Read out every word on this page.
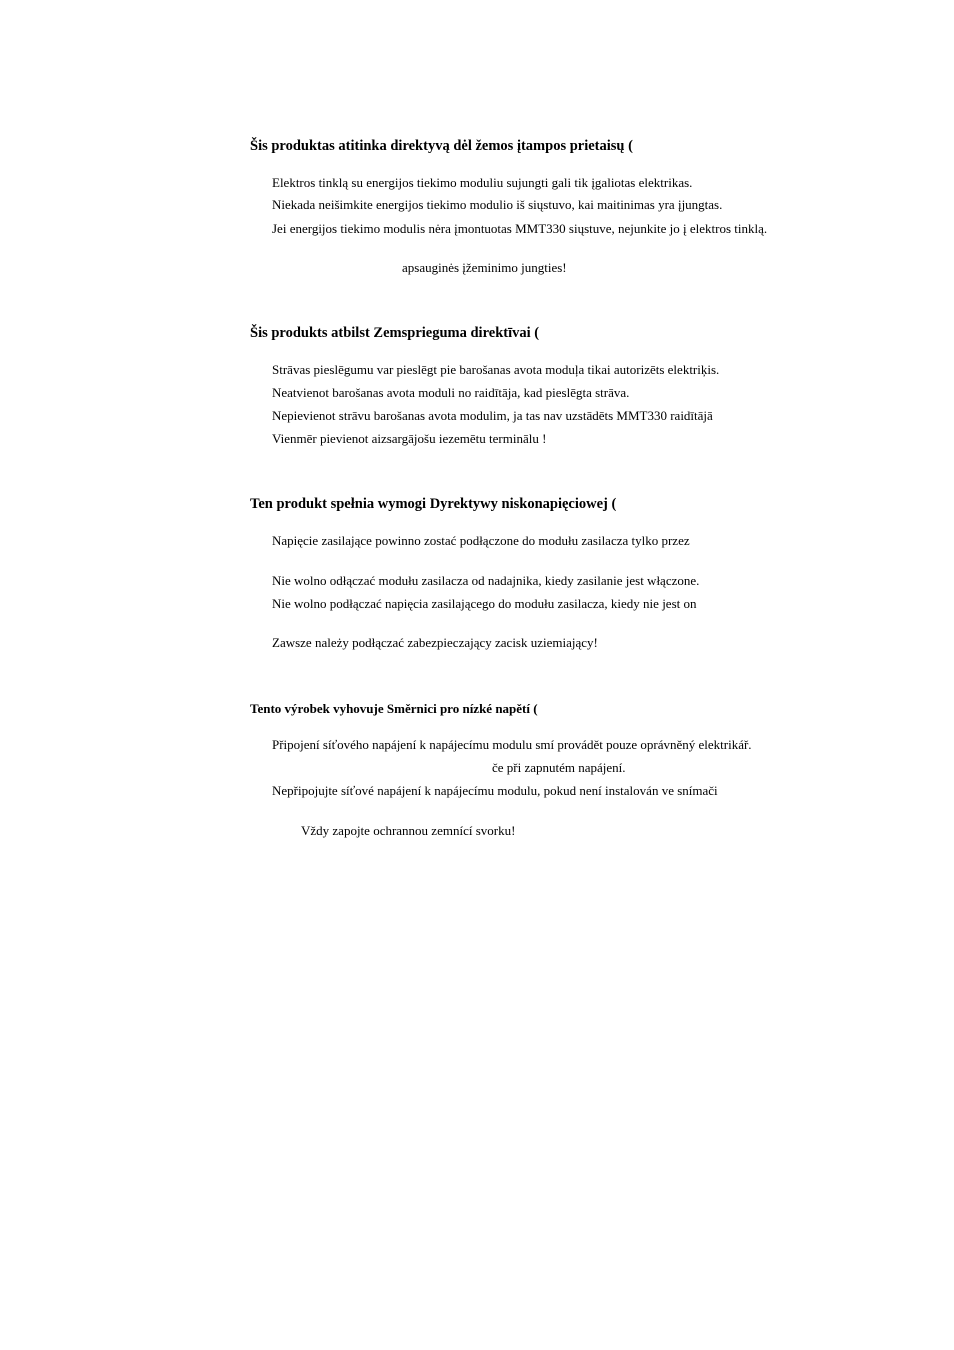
Šis produktas atitinka direktyvą dėl žemos įtampos prietaisų (
Elektros tinklą su energijos tiekimo moduliu sujungti gali tik įgaliotas elektrikas.
Niekada neišimkite energijos tiekimo modulio iš siųstuvo, kai maitinimas yra įjungtas.
Jei energijos tiekimo modulis nėra įmontuotas MMT330 siųstuve, nejunkite jo į elektros tinklą.
apsauginės įžeminimo jungties!
Šis produkts atbilst Zemsprieguma direktīvai (
Strāvas pieslēgumu var pieslēgt pie barošanas avota moduļa tikai autorizēts elektriķis.
Neatvienot barošanas avota moduli no raidītāja, kad pieslēgta strāva.
Nepievienot strāvu barošanas avota modulim, ja tas nav uzstādēts MMT330 raidītājā
Vienmēr pievienot aizsargājošu iezemētu terminālu !
Ten produkt spełnia wymogi Dyrektywy niskonapięciowej (
Napięcie zasilające powinno zostać podłączone do modułu zasilacza tylko przez
Nie wolno odłączać modułu zasilacza od nadajnika, kiedy zasilanie jest włączone.
Nie wolno podłączać napięcia zasilającego do modułu zasilacza, kiedy nie jest on
Zawsze należy podłączać zabezpieczający zacisk uziemiający!
Tento výrobek vyhovuje Směrnici pro nízké napětí (
Připojení síťového napájení k napájecímu modulu smí provádět pouze oprávněný elektrikář.
če při zapnutém napájení.
Nepřipojujte síťové napájení k napájecímu modulu, pokud není instalován ve snímači
Vždy zapojte ochrannou zemnící svorku!
